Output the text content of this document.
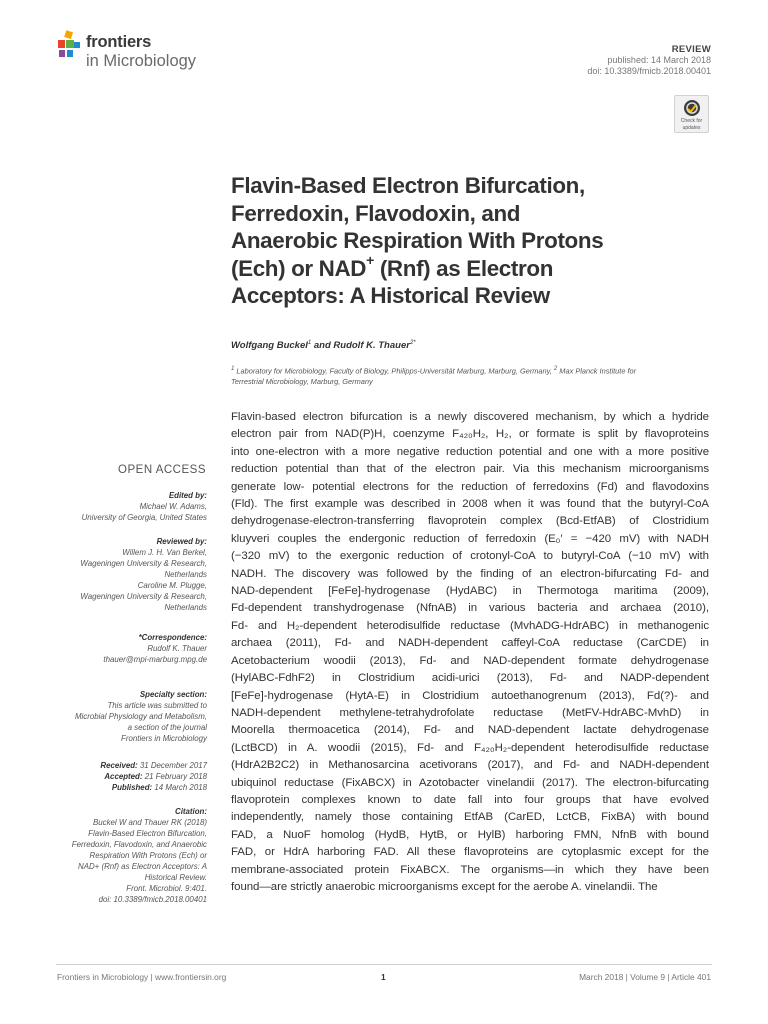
frontiers
in Microbiology
REVIEW
published: 14 March 2018
doi: 10.3389/fmicb.2018.00401
Check for
updates
Flavin-Based Electron Bifurcation,
Ferredoxin, Flavodoxin, and
Anaerobic Respiration With Protons
(Ech) or NAD+ (Rnf) as Electron
Acceptors: A Historical Review
Wolfgang Buckel$^1$ and Rudolf K. Thauer$^{2*}$
$^1$ Laboratory for Microbiology, Faculty of Biology, Philipps-Universität Marburg, Marburg, Germany, $^2$ Max Planck Institute for
Terrestrial Microbiology, Marburg, Germany
OPEN ACCESS
Edited by:
Michael W. Adams,
University of Georgia, United States
Reviewed by:
Willem J. H. Van Berkel,
Wageningen University & Research,
Netherlands
Caroline M. Plugge,
Wageningen University & Research,
Netherlands
*Correspondence:
Rudolf K. Thauer
thauer@mpi-marburg.mpg.de
Specialty section:
This article was submitted to
Microbial Physiology and Metabolism,
a section of the journal
Frontiers in Microbiology
Received: 31 December 2017
Accepted: 21 February 2018
Published: 14 March 2018
Citation:
Buckel W and Thauer RK (2018)
Flavin-Based Electron Bifurcation,
Ferredoxin, Flavodoxin, and Anaerobic
Respiration With Protons (Ech) or
NAD+ (Rnf) as Electron Acceptors: A
Historical Review.
Front. Microbiol. 9:401.
doi: 10.3389/fmicb.2018.00401
Flavin-based electron bifurcation is a newly discovered mechanism, by which a hydride
electron pair from NAD(P)H, coenzyme F₄₂₀H₂, H₂, or formate is split by flavoproteins
into one-electron with a more negative reduction potential and one with a more positive
reduction potential than that of the electron pair. Via this mechanism microorganisms
generate low- potential electrons for the reduction of ferredoxins (Fd) and flavodoxins
(Fld). The first example was described in 2008 when it was found that the butyryl-CoA
dehydrogenase-electron-transferring flavoprotein complex (Bcd-EtfAB) of Clostridium
kluyveri couples the endergonic reduction of ferredoxin (E₀′ = −420 mV) with NADH
(−320 mV) to the exergonic reduction of crotonyl-CoA to butyryl-CoA (−10 mV) with
NADH. The discovery was followed by the finding of an electron-bifurcating Fd- and
NAD-dependent [FeFe]-hydrogenase (HydABC) in Thermotoga maritima (2009),
Fd-dependent transhydrogenase (NfnAB) in various bacteria and archaea (2010),
Fd- and H₂-dependent heterodisulfide reductase (MvhADG-HdrABC) in methanogenic
archaea (2011), Fd- and NADH-dependent caffeyl-CoA reductase (CarCDE) in
Acetobacterium woodii (2013), Fd- and NAD-dependent formate dehydrogenase
(HylABC-FdhF2) in Clostridium acidi-urici (2013), Fd- and NADP-dependent
[FeFe]-hydrogenase (HytA-E) in Clostridium autoethanogrenum (2013), Fd(?)- and
NADH-dependent methylene-tetrahydrofolate reductase (MetFV-HdrABC-MvhD) in
Moorella thermoacetica (2014), Fd- and NAD-dependent lactate dehydrogenase
(LctBCD) in A. woodii (2015), Fd- and F₄₂₀H₂-dependent heterodisulfide reductase
(HdrA2B2C2) in Methanosarcina acetivorans (2017), and Fd- and NADH-dependent
ubiquinol reductase (FixABCX) in Azotobacter vinelandii (2017). The electron-bifurcating
flavoprotein complexes known to date fall into four groups that have evolved
independently, namely those containing EtfAB (CarED, LctCB, FixBA) with bound
FAD, a NuoF homolog (HydB, HytB, or HylB) harboring FMN, NfnB with bound
FAD, or HdrA harboring FAD. All these flavoproteins are cytoplasmic except for the
membrane-associated protein FixABCX. The organisms—in which they have been
found—are strictly anaerobic microorganisms except for the aerobe A. vinelandii. The
Frontiers in Microbiology | www.frontiersin.org	1	March 2018 | Volume 9 | Article 401
